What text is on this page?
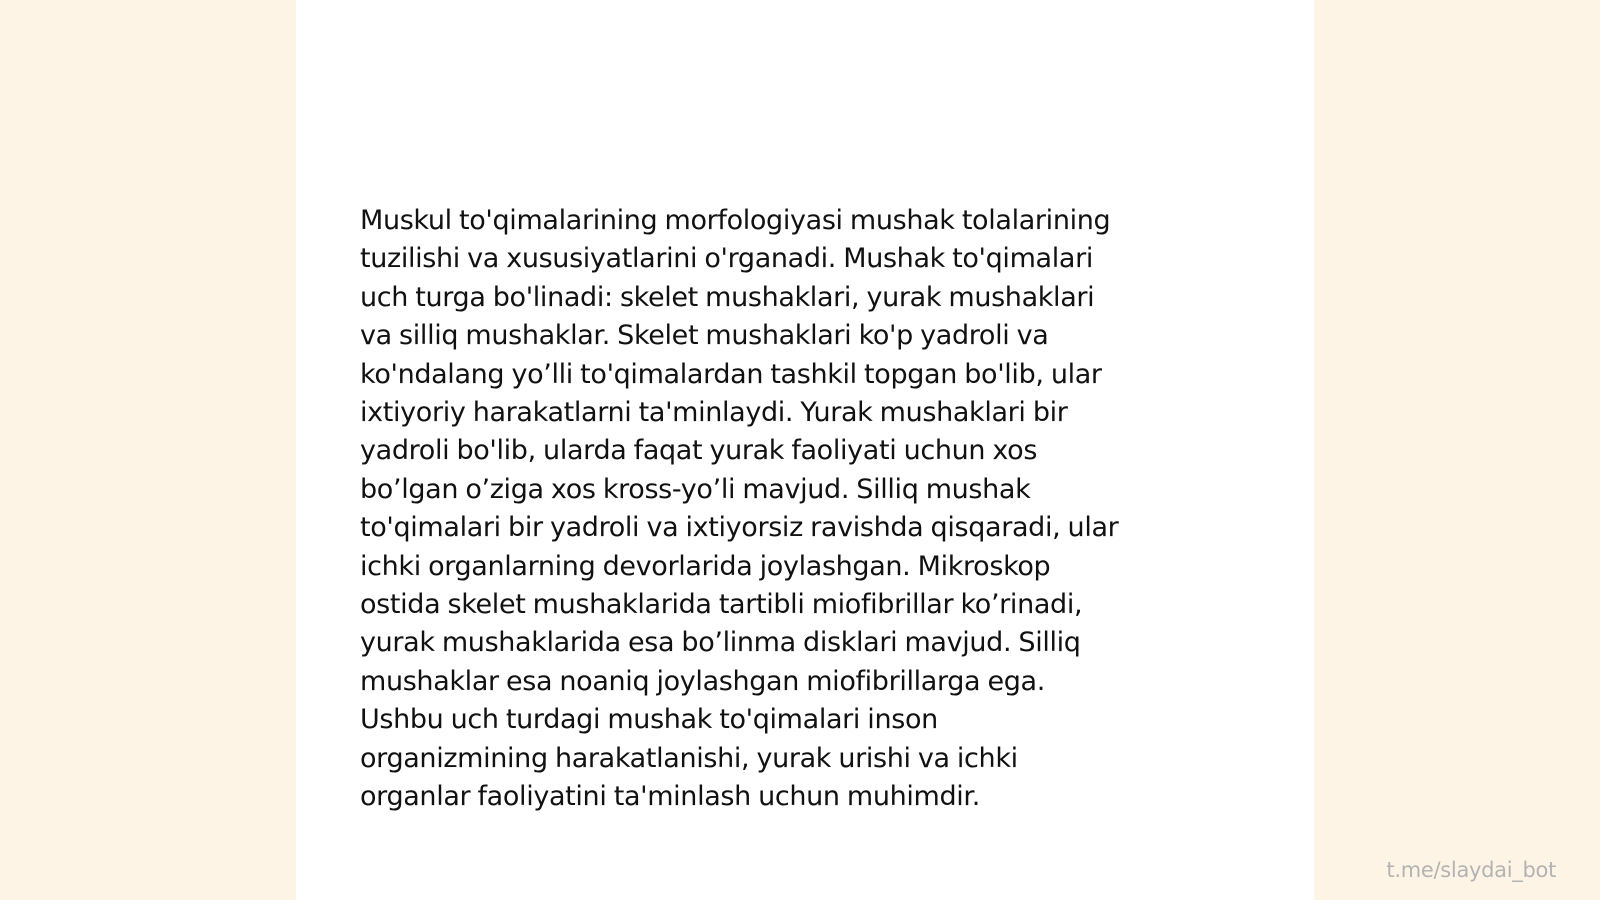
Muskul to'qimalarining morfologiyasi mushak tolalarining
tuzilishi va xususiyatlarini o'rganadi. Mushak to'qimalari
uch turga bo'linadi: skelet mushaklari, yurak mushaklari
va silliq mushaklar. Skelet mushaklari ko'p yadroli va
ko'ndalang yo’lli to'qimalardan tashkil topgan bo'lib, ular
ixtiyoriy harakatlarni ta'minlaydi. Yurak mushaklari bir
yadroli bo'lib, ularda faqat yurak faoliyati uchun xos
bo’lgan o’ziga xos kross-yo’li mavjud. Silliq mushak
to'qimalari bir yadroli va ixtiyorsiz ravishda qisqaradi, ular
ichki organlarning devorlarida joylashgan. Mikroskop
ostida skelet mushaklarida tartibli miofibrillar ko’rinadi,
yurak mushaklarida esa bo’linma disklari mavjud. Silliq
mushaklar esa noaniq joylashgan miofibrillarga ega.
Ushbu uch turdagi mushak to'qimalari inson
organizmining harakatlanishi, yurak urishi va ichki
organlar faoliyatini ta'minlash uchun muhimdir.

t.me/slaydai_bot
